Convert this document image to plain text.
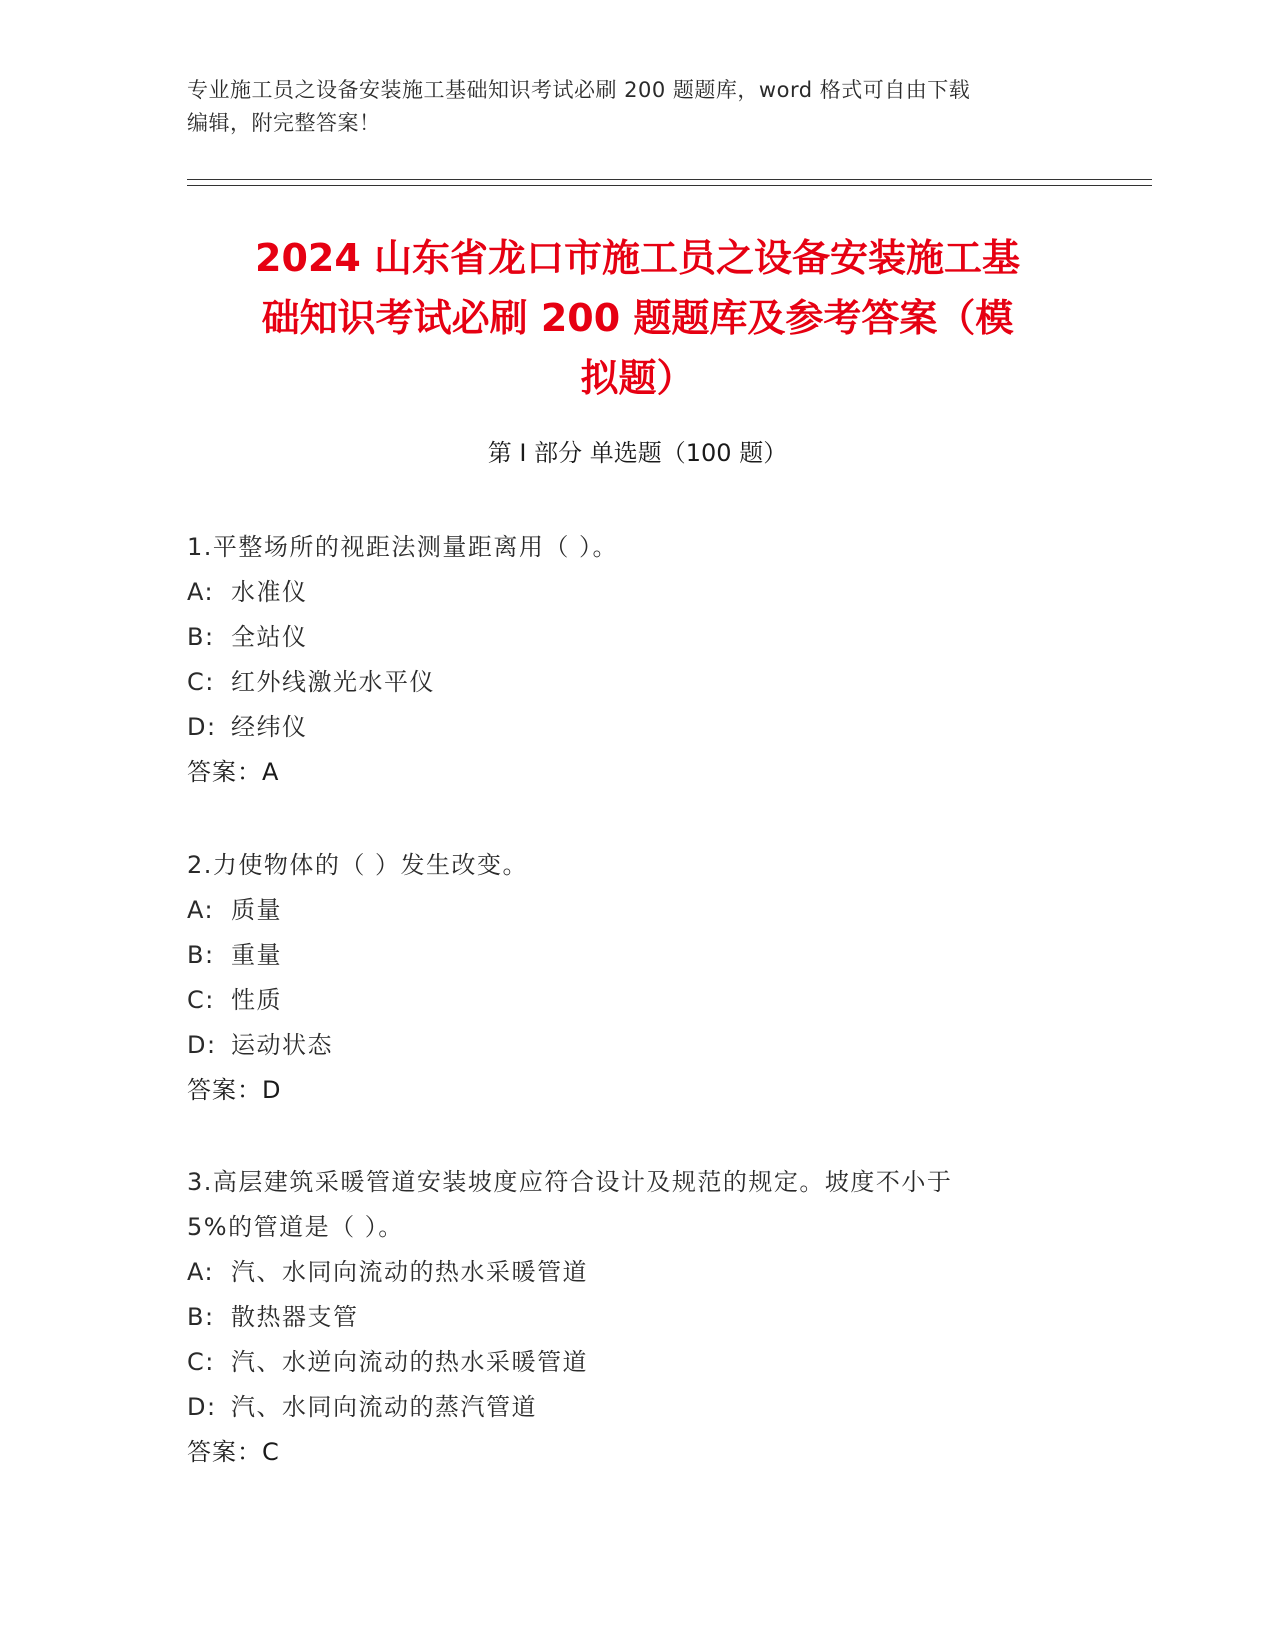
专业施工员之设备安装施工基础知识考试必刷 200 题题库，word 格式可自由下载

编辑，附完整答案！

2024 山东省龙口市施工员之设备安装施工基

础知识考试必刷 200 题题库及参考答案（模

拟题）

第 I 部分 单选题（100 题）

1.平整场所的视距法测量距离用（ ）。

A: 水准仪

B: 全站仪

C: 红外线激光水平仪

D: 经纬仪

答案：A

2.力使物体的（ ）发生改变。

A: 质量

B: 重量

C: 性质

D: 运动状态

答案：D

3.高层建筑采暖管道安装坡度应符合设计及规范的规定。坡度不小于

5%的管道是（ ）。

A: 汽、水同向流动的热水采暖管道

B: 散热器支管

C: 汽、水逆向流动的热水采暖管道

D: 汽、水同向流动的蒸汽管道

答案：C
